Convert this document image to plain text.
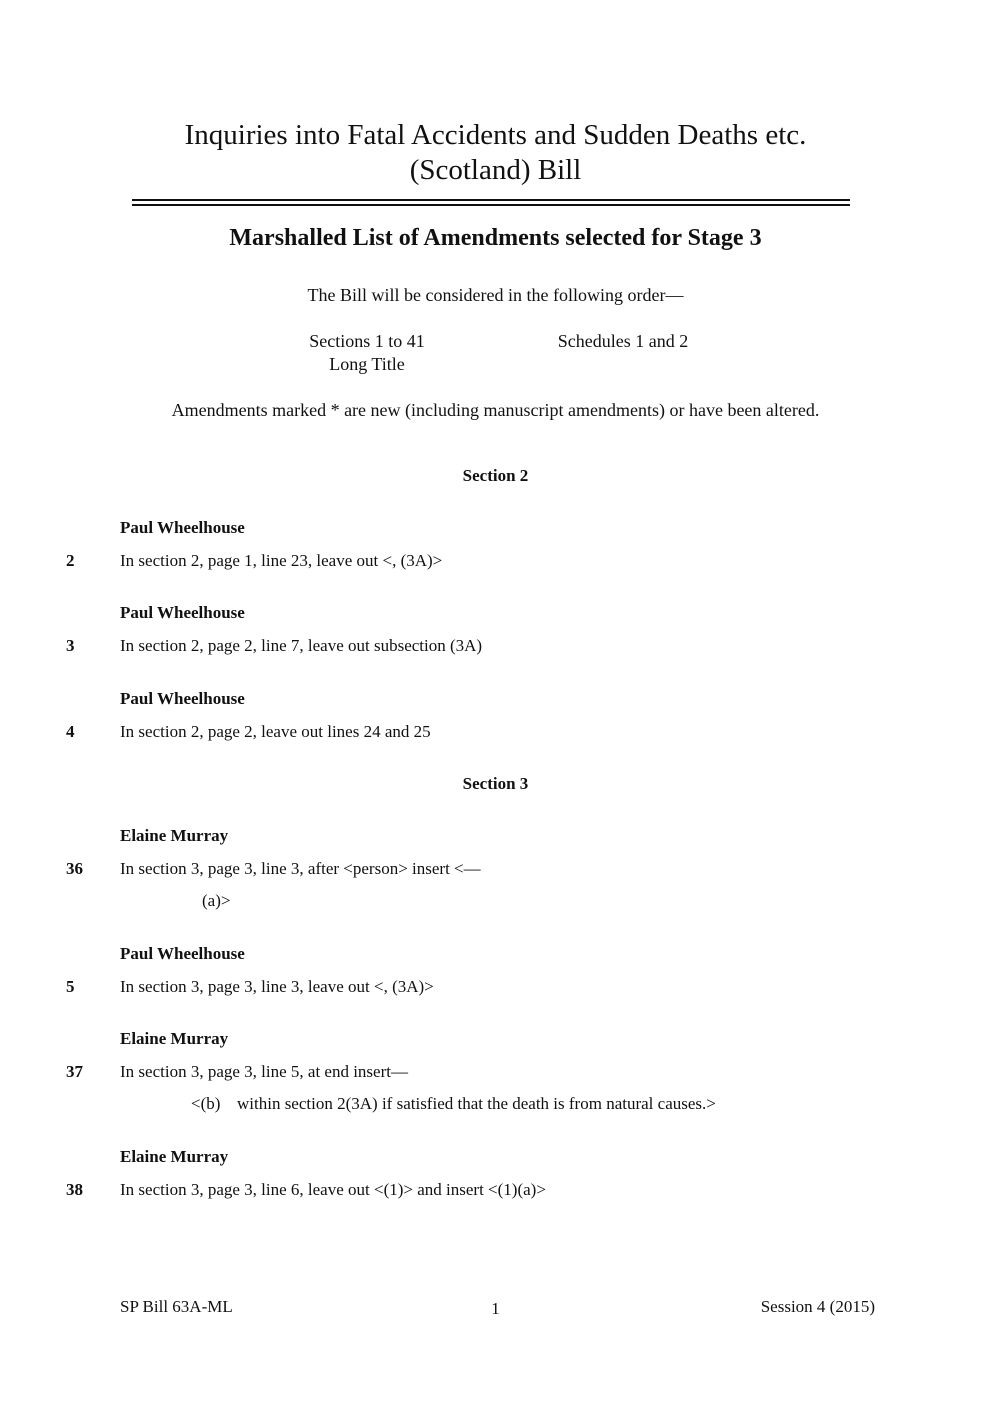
Inquiries into Fatal Accidents and Sudden Deaths etc.
(Scotland) Bill
Marshalled List of Amendments selected for Stage 3
The Bill will be considered in the following order—
Sections 1 to 41
Long Title
Schedules 1 and 2
Amendments marked * are new (including manuscript amendments) or have been altered.
Section 2
Paul Wheelhouse
2	In section 2, page 1, line 23, leave out <, (3A)>
Paul Wheelhouse
3	In section 2, page 2, line 7, leave out subsection (3A)
Paul Wheelhouse
4	In section 2, page 2, leave out lines 24 and 25
Section 3
Elaine Murray
36 In section 3, page 3, line 3, after <person> insert <—
(a)>
Paul Wheelhouse
5	In section 3, page 3, line 3, leave out <, (3A)>
Elaine Murray
37 In section 3, page 3, line 5, at end insert—
<(b) within section 2(3A) if satisfied that the death is from natural causes.>
Elaine Murray
38 In section 3, page 3, line 6, leave out <(1)> and insert <(1)(a)>
SP Bill 63A-ML	1	Session 4 (2015)
